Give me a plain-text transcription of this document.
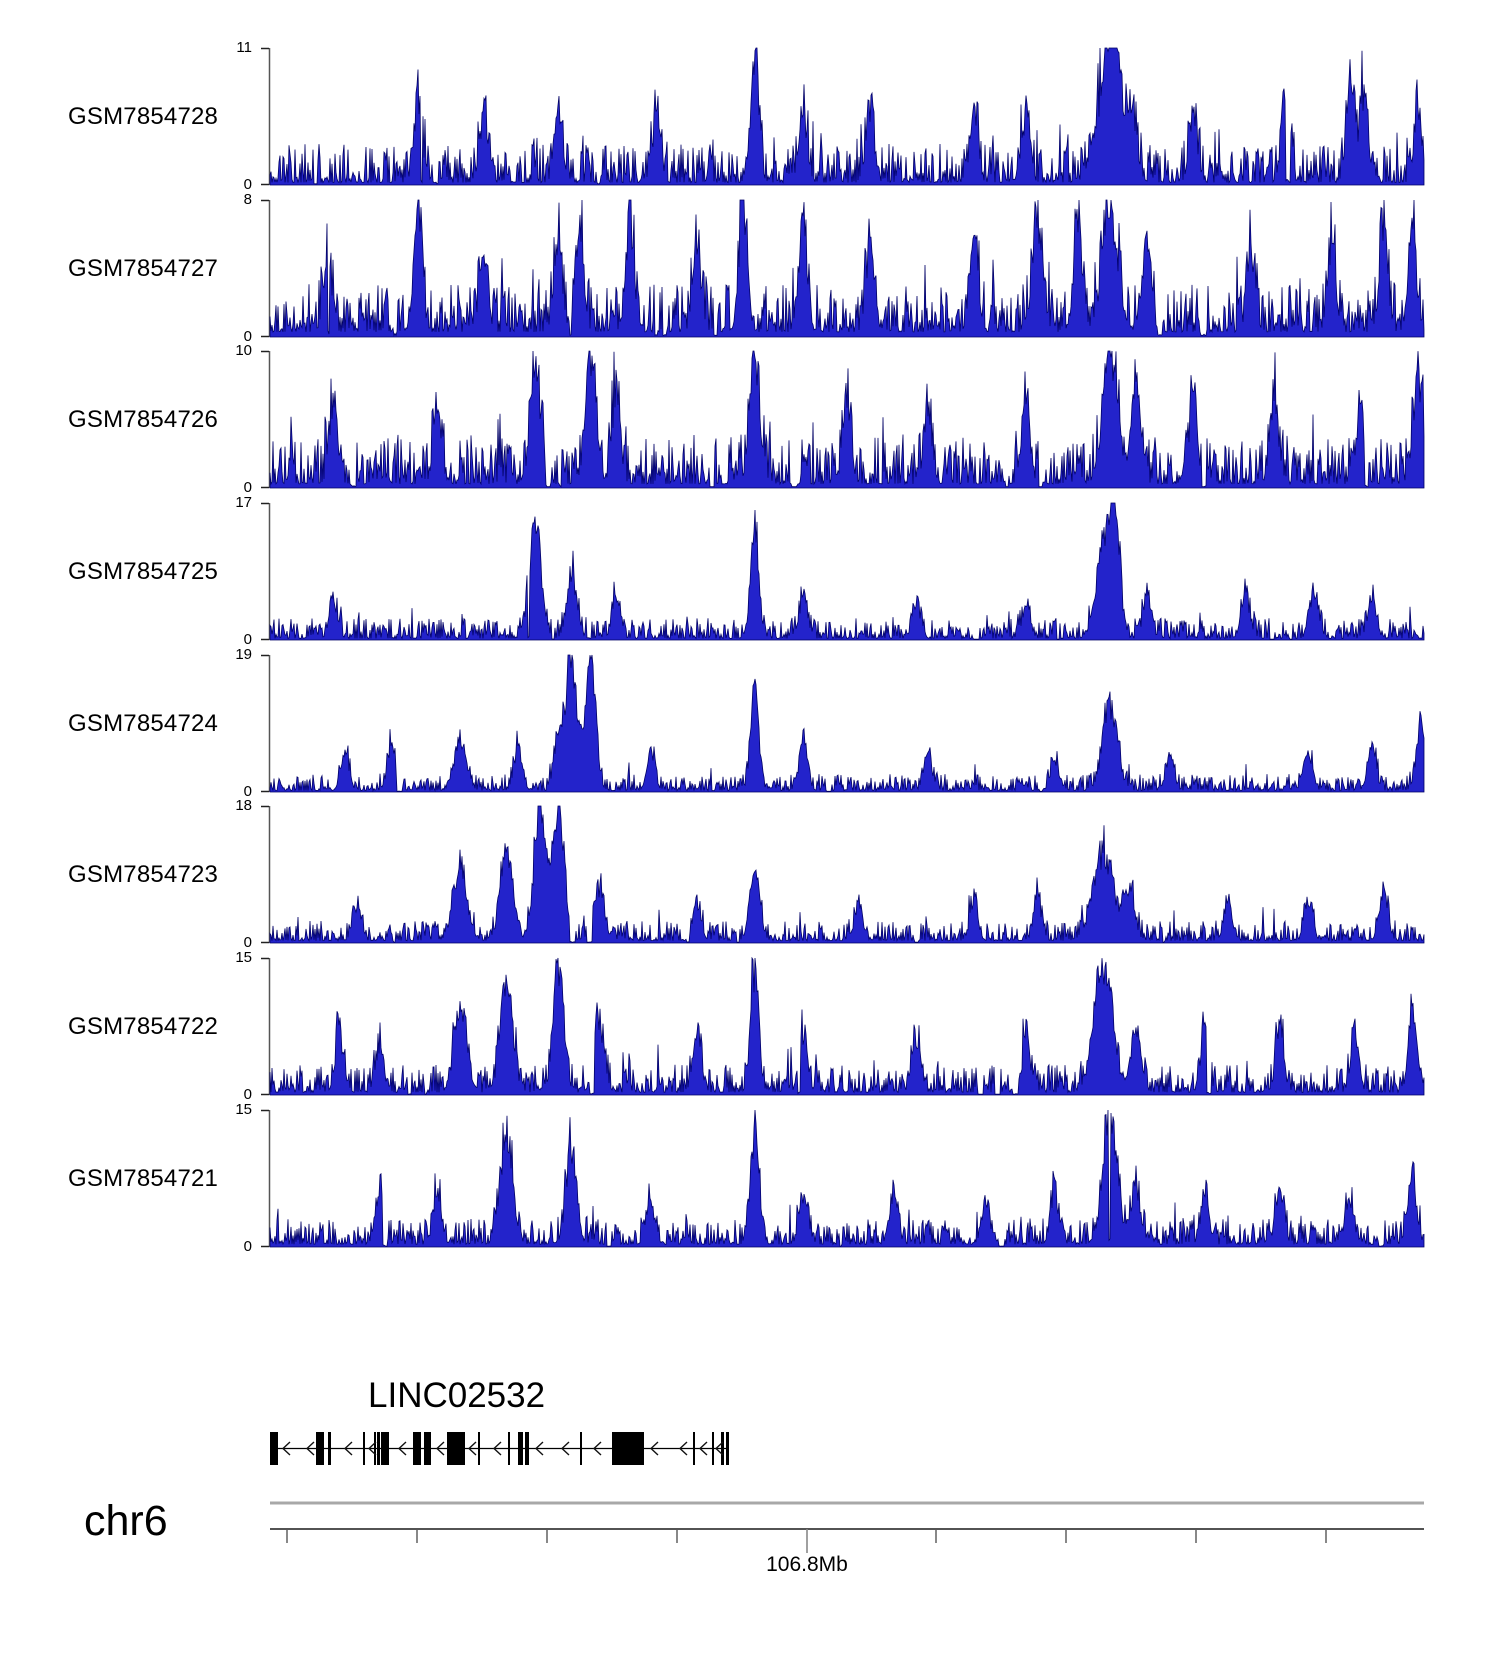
GSM7854728
11
0
GSM7854727
8
0
GSM7854726
10
0
GSM7854725
17
0
GSM7854724
19
0
GSM7854723
18
0
GSM7854722
15
0
GSM7854721
15
0
LINC02532
chr6
106.8Mb
